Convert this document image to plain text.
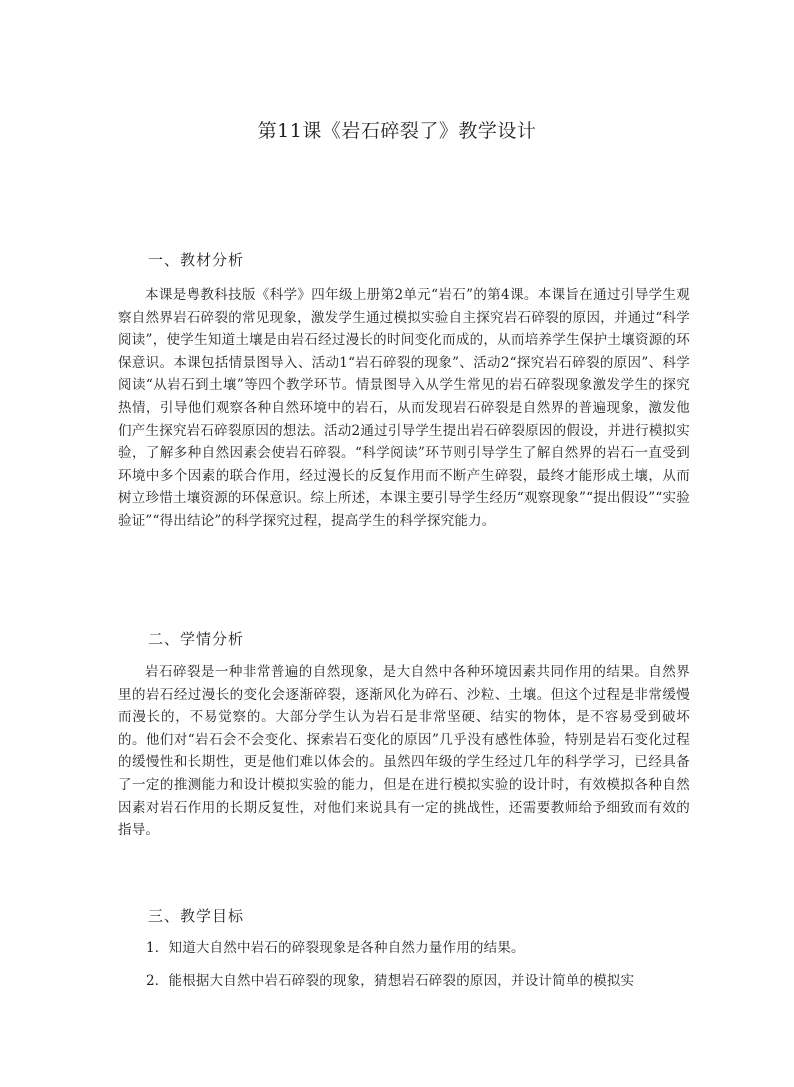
第11课《岩石碎裂了》教学设计
一、教材分析
本课是粤教科技版《科学》四年级上册第2单元“岩石”的第4课。本课旨在通过引导学生观察自然界岩石碎裂的常见现象，激发学生通过模拟实验自主探究岩石碎裂的原因，并通过“科学阅读”，使学生知道土壤是由岩石经过漫长的时间变化而成的，从而培养学生保护土壤资源的环保意识。本课包括情景图导入、活动1“岩石碎裂的现象”、活动2“探究岩石碎裂的原因”、科学阅读“从岩石到土壤”等四个教学环节。情景图导入从学生常见的岩石碎裂现象激发学生的探究热情，引导他们观察各种自然环境中的岩石，从而发现岩石碎裂是自然界的普遍现象，激发他们产生探究岩石碎裂原因的想法。活动2通过引导学生提出岩石碎裂原因的假设，并进行模拟实验，了解多种自然因素会使岩石碎裂。“科学阅读”环节则引导学生了解自然界的岩石一直受到环境中多个因素的联合作用，经过漫长的反复作用而不断产生碎裂，最终才能形成土壤，从而树立珍惜土壤资源的环保意识。综上所述，本课主要引导学生经历“观察现象”“提出假设”“实验验证”“得出结论”的科学探究过程，提高学生的科学探究能力。
二、学情分析
岩石碎裂是一种非常普遍的自然现象，是大自然中各种环境因素共同作用的结果。自然界里的岩石经过漫长的变化会逐渐碎裂，逐渐风化为碎石、沙粒、土壤。但这个过程是非常缓慢而漫长的，不易觉察的。大部分学生认为岩石是非常坚硬、结实的物体，是不容易受到破坏的。他们对“岩石会不会变化、探索岩石变化的原因”几乎没有感性体验，特别是岩石变化过程的缓慢性和长期性，更是他们难以体会的。虽然四年级的学生经过几年的科学学习，已经具备了一定的推测能力和设计模拟实验的能力，但是在进行模拟实验的设计时，有效模拟各种自然因素对岩石作用的长期反复性，对他们来说具有一定的挑战性，还需要教师给予细致而有效的指导。
三、教学目标
1．知道大自然中岩石的碎裂现象是各种自然力量作用的结果。
2．能根据大自然中岩石碎裂的现象，猜想岩石碎裂的原因，并设计简单的模拟实
